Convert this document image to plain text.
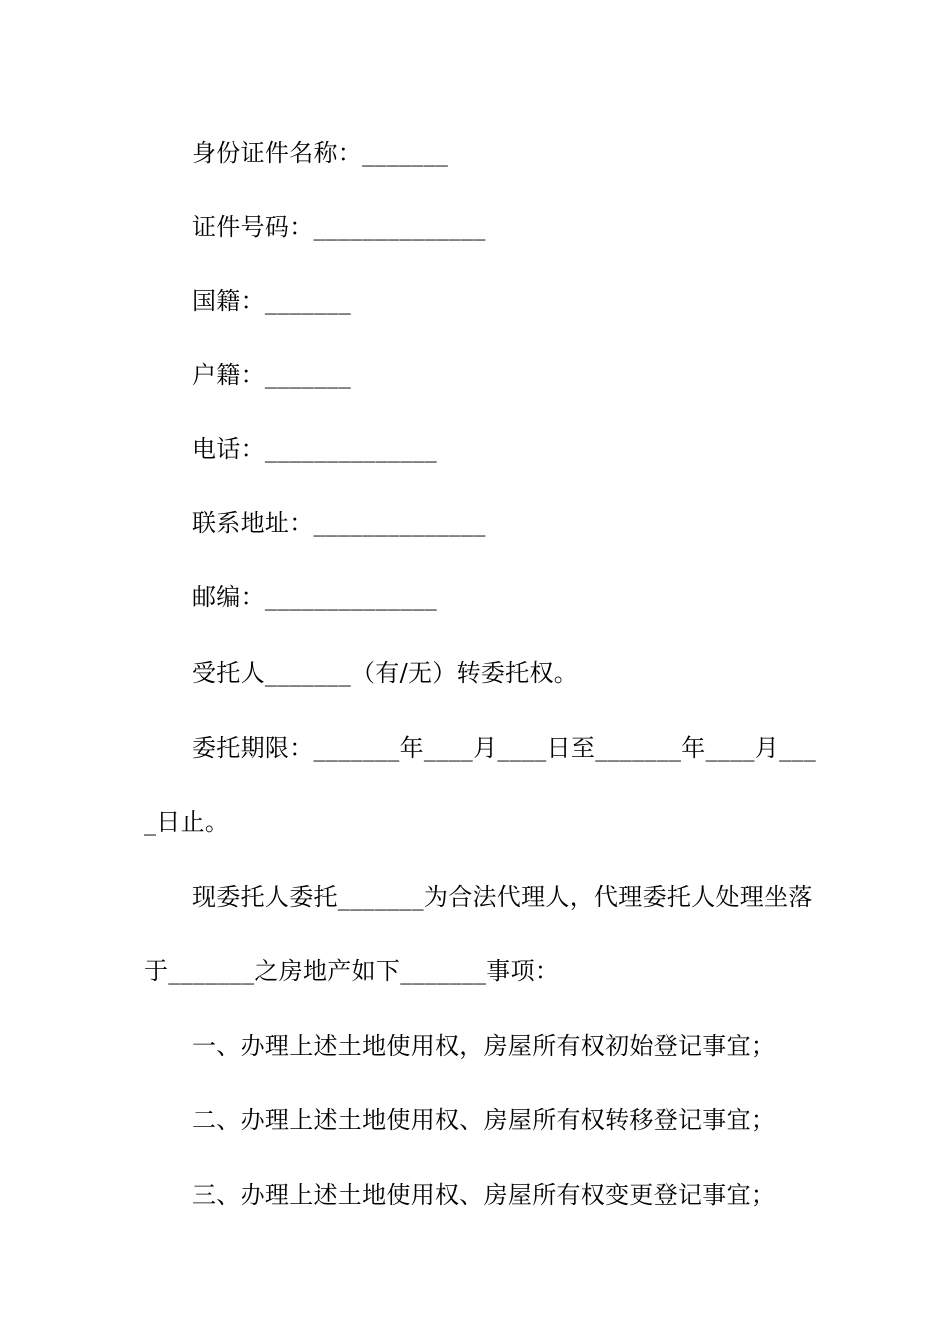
身份证件名称：_______
证件号码：______________
国籍：_______
户籍：_______
电话：______________
联系地址：______________
邮编：______________
受托人_______（有/无）转委托权。
委托期限：_______年____月____日至_______年____月___
_日止。
现委托人委托_______为合法代理人，代理委托人处理坐落
于_______之房地产如下_______事项：
一、办理上述土地使用权，房屋所有权初始登记事宜；
二、办理上述土地使用权、房屋所有权转移登记事宜；
三、办理上述土地使用权、房屋所有权变更登记事宜；
